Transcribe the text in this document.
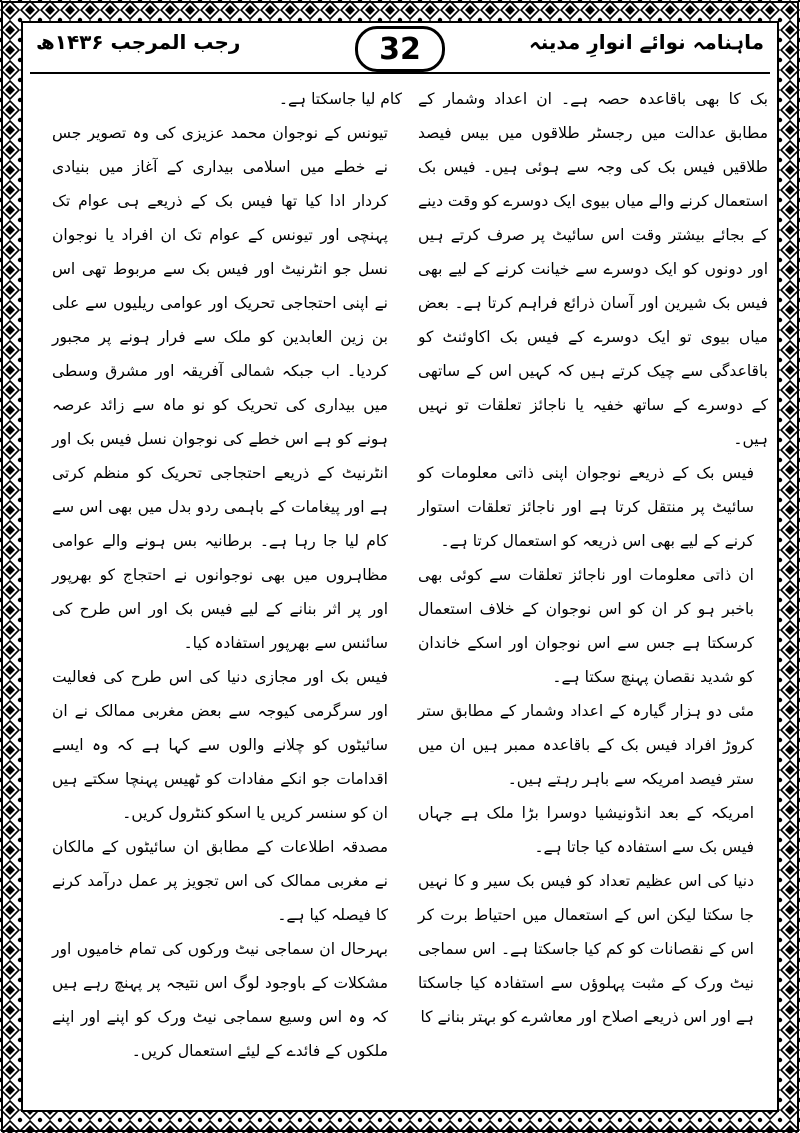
ماہنامہ نوائے انوارِ مدینہ
32
رجب المرجب ۱۴۳۶ھ

بک کا بھی باقاعدہ حصہ ہے۔ ان اعداد وشمار کے مطابق عدالت میں رجسٹر طلاقوں میں بیس فیصد طلاقیں فیس بک کی وجہ سے ہوئی ہیں۔ فیس بک استعمال کرنے والے میاں بیوی ایک دوسرے کو وقت دینے کے بجائے بیشتر وقت اس سائیٹ پر صرف کرتے ہیں اور دونوں کو ایک دوسرے سے خیانت کرنے کے لیے بھی فیس بک شیرین اور آسان ذرائع فراہم کرتا ہے۔ بعض میاں بیوی تو ایک دوسرے کے فیس بک اکاوئنٹ کو باقاعدگی سے چیک کرتے ہیں کہ کہیں اس کے ساتھی کے دوسرے کے ساتھ خفیہ یا ناجائز تعلقات تو نہیں ہیں۔

فیس بک کے ذریعے نوجوان اپنی ذاتی معلومات کو سائیٹ پر منتقل کرتا ہے اور ناجائز تعلقات استوار کرنے کے لیے بھی اس ذریعہ کو استعمال کرتا ہے۔

ان ذاتی معلومات اور ناجائز تعلقات سے کوئی بھی باخبر ہو کر ان کو اس نوجوان کے خلاف استعمال کرسکتا ہے جس سے اس نوجوان اور اسکے خاندان کو شدید نقصان پہنچ سکتا ہے۔

مئی دو ہزار گیارہ کے اعداد وشمار کے مطابق ستر کروڑ افراد فیس بک کے باقاعدہ ممبر ہیں ان میں ستر فیصد امریکہ سے باہر رہتے ہیں۔

امریکہ کے بعد انڈونیشیا دوسرا بڑا ملک ہے جہاں فیس بک سے استفادہ کیا جاتا ہے۔

دنیا کی اس عظیم تعداد کو فیس بک سیر و کا نہیں جا سکتا لیکن اس کے استعمال میں احتیاط برت کر اس کے نقصانات کو کم کیا جاسکتا ہے۔ اس سماجی نیٹ ورک کے مثبت پہلوؤں سے استفادہ کیا جاسکتا ہے اور اس ذریعے اصلاح اور معاشرے کو بہتر بنانے کا

کام لیا جاسکتا ہے۔

تیونس کے نوجوان محمد عزیزی کی وہ تصویر جس نے خطے میں اسلامی بیداری کے آغاز میں بنیادی کردار ادا کیا تھا فیس بک کے ذریعے ہی عوام تک پہنچی اور تیونس کے عوام تک ان افراد یا نوجوان نسل جو انٹرنیٹ اور فیس بک سے مربوط تھی اس نے اپنی احتجاجی تحریک اور عوامی ریلیوں سے علی بن زین العابدین کو ملک سے فرار ہونے پر مجبور کردیا۔ اب جبکہ شمالی آفریقہ اور مشرق وسطی میں بیداری کی تحریک کو نو ماہ سے زائد عرصہ ہونے کو ہے اس خطے کی نوجوان نسل فیس بک اور انٹرنیٹ کے ذریعے احتجاجی تحریک کو منظم کرتی ہے اور پیغامات کے باہمی ردو بدل میں بھی اس سے کام لیا جا رہا ہے۔ برطانیہ بس ہونے والے عوامی مظاہروں میں بھی نوجوانوں نے احتجاج کو بھرپور اور پر اثر بنانے کے لیے فیس بک اور اس طرح کی سائنس سے بھرپور استفادہ کیا۔

فیس بک اور مجازی دنیا کی اس طرح کی فعالیت اور سرگرمی کیوجہ سے بعض مغربی ممالک نے ان سائیٹوں کو چلانے والوں سے کہا ہے کہ وہ ایسے اقدامات جو انکے مفادات کو ٹھیس پہنچا سکتے ہیں ان کو سنسر کریں یا اسکو کنٹرول کریں۔

مصدقہ اطلاعات کے مطابق ان سائیٹوں کے مالکان نے مغربی ممالک کی اس تجویز پر عمل درآمد کرنے کا فیصلہ کیا ہے۔

بہرحال ان سماجی نیٹ ورکوں کی تمام خامیوں اور مشکلات کے باوجود لوگ اس نتیجہ پر پہنچ رہے ہیں کہ وہ اس وسیع سماجی نیٹ ورک کو اپنے اور اپنے ملکوں کے فائدے کے لیئے استعمال کریں۔
